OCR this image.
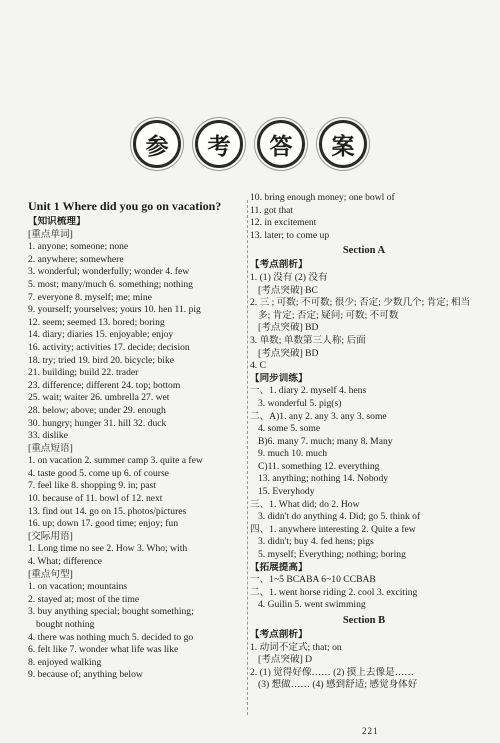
参	考	答	案
Unit 1 Where did you go on vacation?
【知识梳理】
[重点单词]
1. anyone; someone; none
2. anywhere; somewhere
3. wonderful; wonderfully; wonder 4. few
5. most; many/much 6. something; nothing
7. everyone 8. myself; me; mine
9. yourself; yourselves; yours 10. hen 11. pig
12. seem; seemed 13. bored; boring
14. diary; diaries 15. enjoyable; enjoy
16. activity; activities 17. decide; decision
18. try; tried 19. bird 20. bicycle; bike
21. building; build 22. trader
23. difference; different 24. top; bottom
25. wait; waiter 26. umbrella 27. wet
28. below; above; under 29. enough
30. hungry; hunger 31. hill 32. duck
33. dislike
[重点短语]
1. on vacation 2. summer camp 3. quite a few
4. taste good 5. come up 6. of course
7. feel like 8. shopping 9. in; past
10. because of 11. bowl of 12. next
13. find out 14. go on 15. photos/pictures
16. up; down 17. good time; enjoy; fun
[交际用语]
1. Long time no see 2. How 3. Who; with
4. What; difference
[重点句型]
1. on vacation; mountains
2. stayed at; most of the time
3. buy anything special; bought something;
bought nothing
4. there was nothing much 5. decided to go
6. felt like 7. wonder what life was like
8. enjoyed walking
9. because of; anything below
10. bring enough money; one bowl of
11. got that
12. in excitement
13. later; to come up
Section A
【考点剖析】
1. (1) 没有 (2) 没有
[考点突破] BC
2. 三 ; 可数; 不可数; 很少; 否定; 少数几个; 肯定; 相当
多; 肯定; 否定; 疑问; 可数; 不可数
[考点突破] BD
3. 单数; 单数第三人称; 后面
[考点突破] BD
4. C
【同步训练】
一、1. diary 2. myself 4. hens
3. wonderful 5. pig(s)
二、A)1. any 2. any 3. any 3. some
4. some 5. some
B)6. many 7. much; many 8. Many
9. much 10. much
C)11. something 12. everything
13. anything; nothing 14. Nobody
15. Everyhody
三、1. What did; do 2. How
3. didn't do anything 4. Did; go 5. think of
四、1. anywhere interesting 2. Quite a few
3. didn't; buy 4. fed hens; pigs
5. myself; Everything; nothing; boring
【拓展提高】
一、1~5 BCABA 6~10 CCBAB
二、1. went horse riding 2. cool 3. exciting
4. Guilin 5. went swimming
Section B
【考点剖析】
1. 动词不定式; that; on
[考点突破] D
2. (1) 觉得好像…… (2) 摸上去像是……
(3) 想做…… (4) 感到舒适; 感觉身体好
221
